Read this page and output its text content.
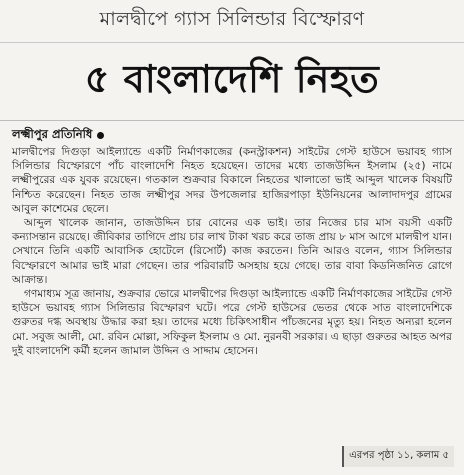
মালদ্বীপে গ্যাস সিলিন্ডার বিস্ফোরণ
৫ বাংলাদেশি নিহত
লক্ষ্মীপুর প্রতিনিধি

মালদ্বীপের দিগুড়া আইল্যান্ডে একটি নির্মাণকাজের (কনস্ট্রাকশন) সাইটের গেস্ট হাউসে ভয়াবহ গ্যাস সিলিন্ডার বিস্ফোরণে পাঁচ বাংলাদেশি নিহত হয়েছেন। তাদের মধ্যে তাজউদ্দিন ইসলাম (২৫) নামে লক্ষ্মীপুরের এক যুবক রয়েছেন। গতকাল শুক্রবার বিকালে নিহতের খালাতো ভাই আব্দুল খালেক বিষয়টি নিশ্চিত করেছেন। নিহত তাজ লক্ষ্মীপুর সদর উপজেলার হাজিরপাড়া ইউনিয়নের আলাদাদপুর গ্রামের আবুল কাশেমের ছেলে।

আব্দুল খালেক জানান, তাজউদ্দিন চার বোনের এক ভাই। তার নিজের চার মাস বয়সী একটি কন্যাসন্তান রয়েছে। জীবিকার তাগিদে প্রায় চার লাখ টাকা খরচ করে তাজ প্রায় ৮ মাস আগে মালদ্বীপ যান। সেখানে তিনি একটি আবাসিক হোটেলে (রিসোর্ট) কাজ করতেন। তিনি আরও বলেন, গ্যাস সিলিন্ডার বিস্ফোরণে আমার ভাই মারা গেছেন। তার পরিবারটি অসহায় হয়ে গেছে। তার বাবা কিডনিজনিত রোগে আক্রান্ত।

গণমাধ্যম সূত্র জানায়, শুক্রবার ভোরে মালদ্বীপের দিগুড়া আইল্যান্ডে একটি নির্মাণকাজের সাইটের গেস্ট হাউসে ভয়াবহ গ্যাস সিলিন্ডার বিস্ফোরণ ঘটে। পরে গেস্ট হাউসের ভেতর থেকে সাত বাংলাদেশিকে গুরুতর দগ্ধ অবস্থায় উদ্ধার করা হয়। তাদের মধ্যে চিকিৎসাধীন পাঁচজনের মৃত্যু হয়। নিহত অন্যরা হলেন মো. সবুজ আলী, মো. রবিন মোল্লা, সফিকুল ইসলাম ও মো. নুরনবী সরকার। এ ছাড়া গুরুতর আহত অপর দুই বাংলাদেশি কর্মী হলেন জামাল উদ্দিন ও সাদ্দাম হোসেন।

এরপর পৃষ্ঠা ১১, কলাম ৫
